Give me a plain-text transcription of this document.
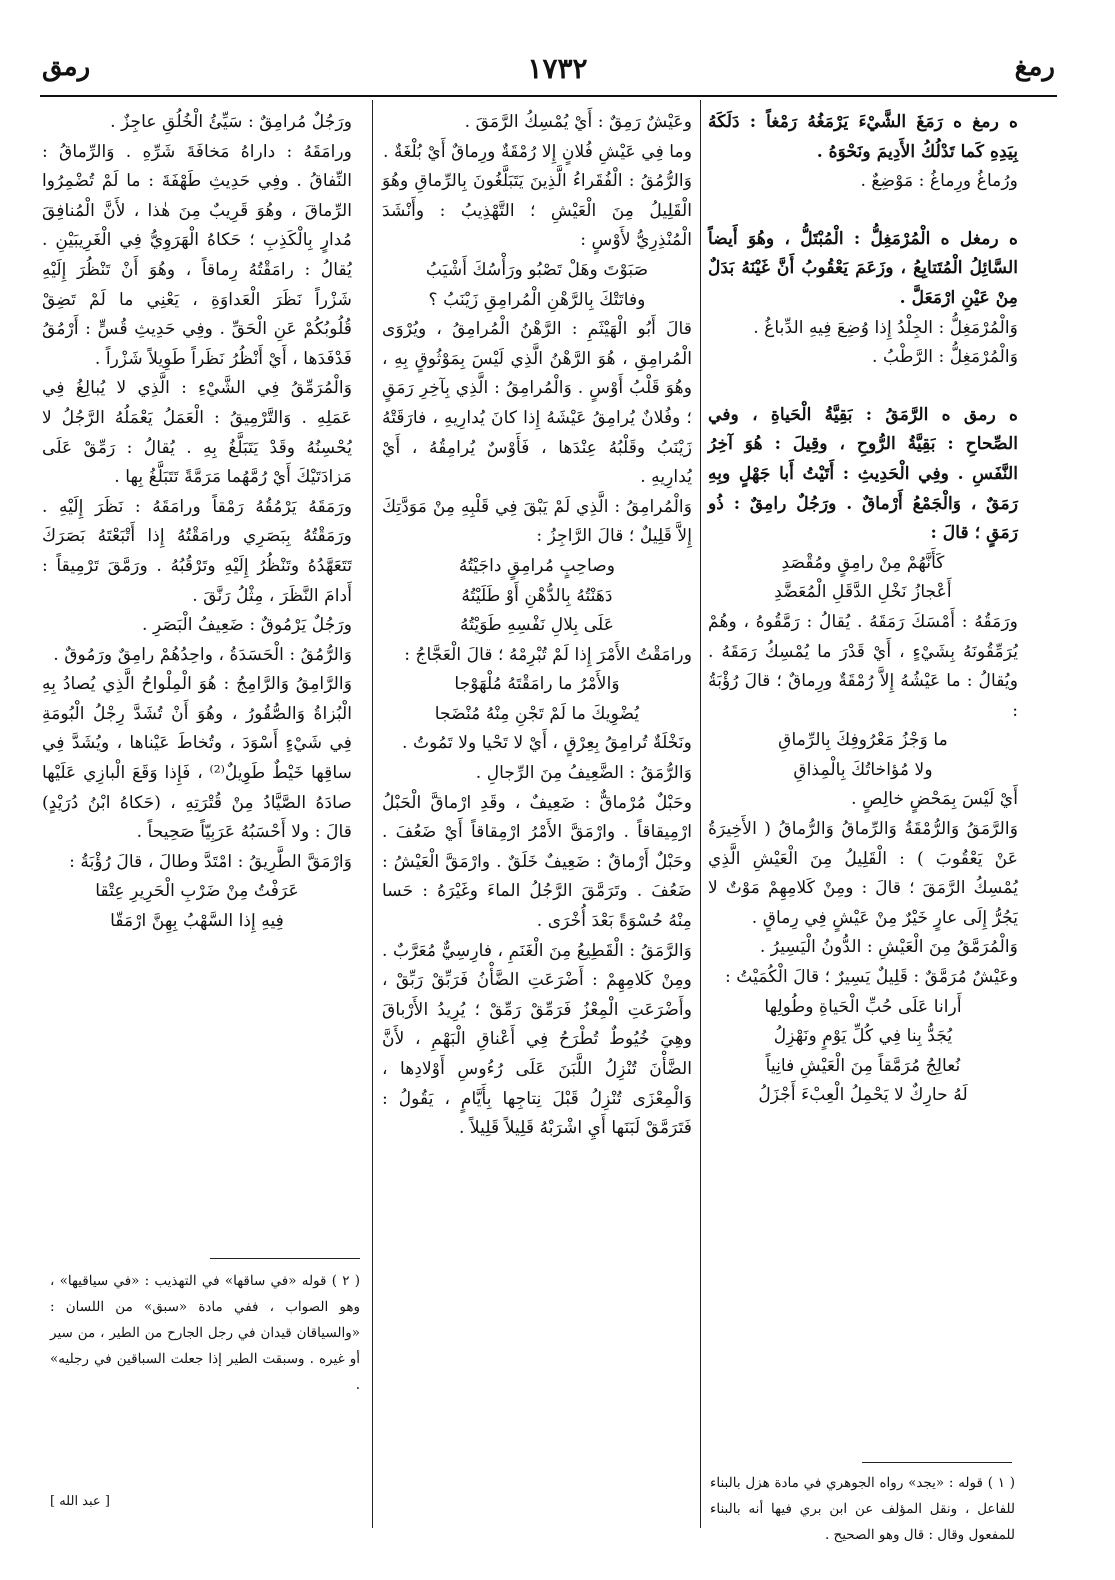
رمق	١٧٣٢	رمغ

ه رمغ ه رَمَغَ الشَّيْءَ يَرْمَغُهُ رَمْغاً : دَلَكَهُ بِيَدِهِ كَما تَدْلُكُ الأَدِيمَ ونَحْوَهُ .

ورُماغُ ورِماغُ : مَوْضِعٌ .

ه رمغل ه الْمُرْمَغِلُّ : الْمُبْتَلُّ ، وهُوَ أَيضاً السَّائِلُ الْمُتَتابِعُ ، وزَعَمَ يَعْقُوبُ أَنَّ غَيْنَهُ بَدَلٌ مِنْ عَيْنِ ارْمَعَلَّ .

وَالْمُرْمَغِلُّ : الجِلْدُ إِذا وُضِعَ فِيهِ الدِّباغُ .

وَالْمُرْمَغِلُّ : الرَّطْبُ .

ه رمق ه الرَّمَقُ : بَقِيَّةُ الْحَياةِ ، وفي الصِّحاحِ : بَقِيَّةُ الرُّوحِ ، وقِيلَ : هُوَ آخِرُ النَّفَسِ . وفِي الْحَدِيثِ : أَتَيْتُ أَبا جَهْلٍ وبِهِ رَمَقٌ ، وَالْجَمْعُ أَرْماقٌ . ورَجُلٌ رامِقٌ : ذُو رَمَقٍ ؛ قالَ :

كَأَنَّهُمْ مِنْ رامِقٍ ومُقْصَدِ

أَعْجازُ نَخْلِ الدَّقَلِ الْمُعَضَّدِ

ورَمَقُهُ : أَمْسَكَ رَمَقَهُ . يُقالُ : رَمَّقُوهُ ، وهُمْ يُرَمِّقُونَهُ بِشَيْءٍ ، أَيْ قَدْرَ ما يُمْسِكُ رَمَقَهُ . ويُقالُ : ما عَيْشُهُ إِلاَّ رُمْقَةٌ ورِماقٌ ؛ قالَ رُؤْبَةُ :

ما وَجْزُ مَعْرُوفِكَ بِالرِّماقِ

ولا مُؤاخاتُكَ بِالْمِذاقِ

أَيْ لَيْسَ بِمَحْضٍ خالِصٍ .

وَالرَّمَقُ وَالرُّمْقَةُ وَالرِّماقُ وَالرُّماقُ ( الأَخِيرَةُ عَنْ يَعْقُوبَ ) : الْقَلِيلُ مِنَ الْعَيْشِ الَّذِي يُمْسِكُ الرَّمَقَ ؛ قالَ : ومِنْ كَلامِهِمْ مَوْتٌ لا يَجُرُّ إِلَى عارٍ خَيْرٌ مِنْ عَيْشٍ فِي رِماقٍ .

وَالْمُرَمَّقُ مِنَ الْعَيْشِ : الدُّونُ الْيَسِيرُ .

وعَيْشٌ مُرَمَّقٌ : قَلِيلٌ يَسِيرٌ ؛ قالَ الْكُمَيْتُ :

أَرانا عَلَى حُبِّ الْحَياةِ وطُولِها

يُجَدُّ بِنا فِي كُلِّ يَوْمٍ ونَهْزِلُ

نُعالِجُ مُرَمَّقاً مِنَ الْعَيْشِ فانِياً

لَهُ حارِكٌ لا يَحْمِلُ الْعِبْءَ أَجْزَلُ

وعَيْشٌ رَمِقٌ : أَيْ يُمْسِكُ الرَّمَقَ .

وما فِي عَيْشِ فُلانٍ إِلا رُمْقَةٌ ورِماقٌ أَيْ بُلْغَةٌ .

وَالرُّمُقُ : الْفُقَراءُ الَّذِينَ يَتَبَلَّغُونَ بِالرِّماقِ وهُوَ الْقَلِيلُ مِنَ الْعَيْشِ ؛ التَّهْذِيبُ : وأَنْشَدَ الْمُنْذِرِيُّ لأَوْسٍ :

صَبَوْتَ وهَلْ تَصْبُو ورَأْسُكَ أَشْيَبُ

وفاتَتْكَ بِالرَّهْنِ الْمُرامِقِ زَيْنَبُ ؟

قالَ أَبُو الْهَيْثَمِ : الرَّهْنُ الْمُرامِقُ ، ويُرْوَى الْمُرامِقِ ، هُوَ الرَّهْنُ الَّذِي لَيْسَ بِمَوْثُوقٍ بِهِ ، وهُوَ قَلْبُ أَوْسٍ . وَالْمُرامِقُ : الَّذِي بِآخِرِ رَمَقٍ ؛ وفُلانٌ يُرامِقُ عَيْشَهُ إِذا كانَ يُدارِيهِ ، فارَقَتْهُ زَيْنَبُ وقَلْبُهُ عِنْدَها ، فَأَوْسٌ يُرامِقُهُ ، أَيْ يُدارِيهِ .

وَالْمُرامِقُ : الَّذِي لَمْ يَبْقَ فِي قَلْبِهِ مِنْ مَوَدَّتِكَ إِلاَّ قَلِيلٌ ؛ قالَ الرَّاجِزُ :

وصاحِبٍ مُرامِقٍ داجَيْتُهُ

دَهَنْتُهُ بِالدُّهْنِ أَوْ طَلَيْتُهُ

عَلَى بِلالِ نَفْسِهِ طَوَيْتُهُ

ورامَقْتُ الأَمْرَ إِذا لَمْ تُبْرِمْهُ ؛ قالَ الْعَجَّاجُ :

وَالأَمْرُ ما رامَقْتَهُ مُلْهَوْجا

يُضْوِيكَ ما لَمْ تَجْنِ مِنْهُ مُنْضَجا

ونَخْلَةٌ تُرامِقُ بِعِرْقٍ ، أَيْ لا تَحْيا ولا تَمُوتُ .

وَالرُّمَقُ : الضَّعِيفُ مِنَ الرِّجالِ .

وحَبْلٌ مُرْماقٌّ : ضَعِيفٌ ، وقَدِ ارْماقَّ الْحَبْلُ ارْمِيقاقاً . وارْمَقَّ الأَمْرُ ارْمِقاقاً أَيْ ضَعُفَ . وحَبْلٌ أَرْماقٌ : ضَعِيفٌ خَلَقٌ . وارْمَقَّ الْعَيْشُ : ضَعُفَ . وتَرَمَّقَ الرَّجُلُ الماءَ وغَيْرَهُ : حَسا مِنْهُ حُسْوَةً بَعْدَ أُخْرَى .

وَالرَّمَقُ : الْقَطِيعُ مِنَ الْغَنَمِ ، فارِسِيٌّ مُعَرَّبٌ . ومِنْ كَلامِهِمْ : أَضْرَعَتِ الضَّأْنُ فَرَبِّقْ رَبِّقْ ، وأَضْرَعَتِ الْمِعْزُ فَرَمِّقْ رَمِّقْ ؛ يُرِيدُ الأَرْباقَ وهِيَ خُيُوطٌ تُطْرَحُ فِي أَعْناقِ الْبَهْمِ ، لأَنَّ الضَّأْنَ تُنْزِلُ اللَّبَنَ عَلَى رُءُوسِ أَوْلادِها ، وَالْمِعْزَى تُنْزِلُ قَبْلَ نِتاجِها بِأَيَّامٍ ، يَقُولُ : فَتَرَمَّقْ لَبَنَها أَيِ اشْرَبْهُ قَلِيلاً قَلِيلاً .

ورَجُلٌ مُرامِقٌ : سَيِّئُ الْخُلُقِ عاجِزٌ .

ورامَقَهُ : داراهُ مَخافَةَ شَرِّهِ . وَالرِّماقُ : النِّفاقُ . وفِي حَدِيثِ طَهْفَةَ : ما لَمْ تُضْمِرُوا الرِّماقَ ، وهُوَ قَرِيبٌ مِنَ هٰذا ، لأَنَّ الْمُنافِقَ مُدارٍ بِالْكَذِبِ ؛ حَكاهُ الْهَرَوِيُّ فِي الْغَرِيبَيْنِ . يُقالُ : رامَقْتُهُ رِماقاً ، وهُوَ أَنْ تَنْظُرَ إِلَيْهِ شَزْراً نَظَرَ الْعَداوَةِ ، يَعْنِي ما لَمْ تَضِقْ قُلُوبُكُمْ عَنِ الْحَقِّ . وفِي حَدِيثِ قُسٍّ : أَرْمُقُ فَدْفَدَها ، أَيْ أَنْظُرُ نَظَراً طَوِيلاً شَزْراً .

وَالْمُرَمِّقُ فِي الشَّيْءِ : الَّذِي لا يُبالِغُ فِي عَمَلِهِ . وَالتَّرْمِيقُ : الْعَمَلُ يَعْمَلُهُ الرَّجُلُ لا يُحْسِنُهُ وقَدْ يَتَبَلَّغُ بِهِ . يُقالُ : رَمِّقْ عَلَى مَزادَتَيْكَ أَيْ رُمَّهُما مَرَمَّةً تَتَبَلَّغُ بِها .

ورَمَقَهُ يَرْمُقُهُ رَمْقاً ورامَقَهُ : نَظَرَ إِلَيْهِ . ورَمَقْتُهُ بِبَصَرِي ورامَقْتُهُ إِذا أَتْبَعْتَهُ بَصَرَكَ تَتَعَهَّدُهُ وتَنْظُرُ إِلَيْهِ وتَرْقُبُهُ . ورَمَّقَ تَرْمِيقاً : أَدامَ النَّظَرَ ، مِثْلُ رَنَّقَ .

ورَجُلٌ يَرْمُوقٌ : ضَعِيفُ الْبَصَرِ .

وَالرُّمُقُ : الْحَسَدَةُ ، واحِدُهُمْ رامِقٌ ورَمُوقٌ .

وَالرَّامِقُ وَالرَّامِجُ : هُوَ الْمِلْواحُ الَّذِي يُصادُ بِهِ الْبُزاةُ وَالصُّقُورُ ، وهُوَ أَنْ تُشَدَّ رِجْلُ الْبُومَةِ فِي شَيْءٍ أَسْوَدَ ، وتُخاطَ عَيْناها ، ويُشَدَّ فِي ساقِها خَيْطٌ طَوِيلٌ⁽²⁾ ، فَإِذا وَقَعَ الْبازِي عَلَيْها صادَهُ الصَّيَّادُ مِنْ قُتْرَتِهِ ، (حَكاهُ ابْنُ دُرَيْدٍ) قالَ : ولا أَحْسَبُهُ عَرَبِيّاً صَحِيحاً .

وَارْمَقَّ الطَّرِيقُ : امْتَدَّ وطالَ ، قالَ رُؤْبَةُ :

عَرَفْتُ مِنْ ضَرْبِ الْحَرِيرِ عِتْقا

فِيهِ إِذا السَّهْبُ بِهِنَّ ارْمَقّا

( ١ ) قوله : «يجد» رواه الجوهري في مادة هزل بالبناء للفاعل ، ونقل المؤلف عن ابن بري فيها أنه بالبناء للمفعول وقال : قال وهو الصحيح .
( ٢ ) قوله «في ساقها» في التهذيب : «في سياقيها» ، وهو الصواب ، ففي مادة «سبق» من اللسان : «والسياقان قيدان في رجل الجارح من الطير ، من سير أو غيره . وسبقت الطير إذا جعلت السباقين في رجليه» .
[ عبد الله ]
